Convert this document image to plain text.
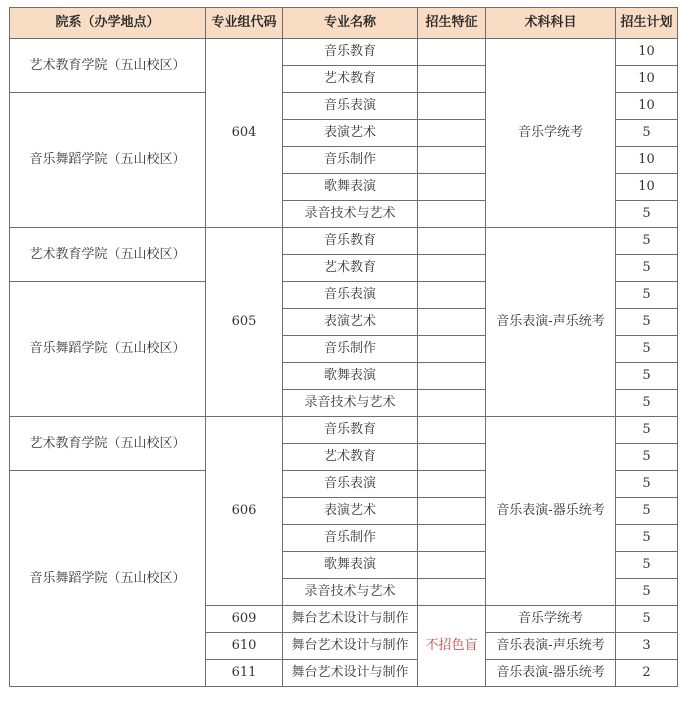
院系（办学地点）	专业组代码	专业名称	招生特征	术科科目	招生计划
艺术教育学院（五山校区）	604	音乐教育		音乐学统考	10
		艺术教育			10
音乐舞蹈学院（五山校区）		音乐表演			10
		表演艺术			5
		音乐制作			10
		歌舞表演			10
		录音技术与艺术			5
艺术教育学院（五山校区）	605	音乐教育		音乐表演-声乐统考	5
		艺术教育			5
音乐舞蹈学院（五山校区）		音乐表演			5
		表演艺术			5
		音乐制作			5
		歌舞表演			5
		录音技术与艺术			5
艺术教育学院（五山校区）	606	音乐教育		音乐表演-器乐统考	5
		艺术教育			5
音乐舞蹈学院（五山校区）		音乐表演			5
		表演艺术			5
		音乐制作			5
		歌舞表演			5
		录音技术与艺术			5
	609	舞台艺术设计与制作	不招色盲	音乐学统考	5
	610	舞台艺术设计与制作		音乐表演-声乐统考	3
	611	舞台艺术设计与制作		音乐表演-器乐统考	2
